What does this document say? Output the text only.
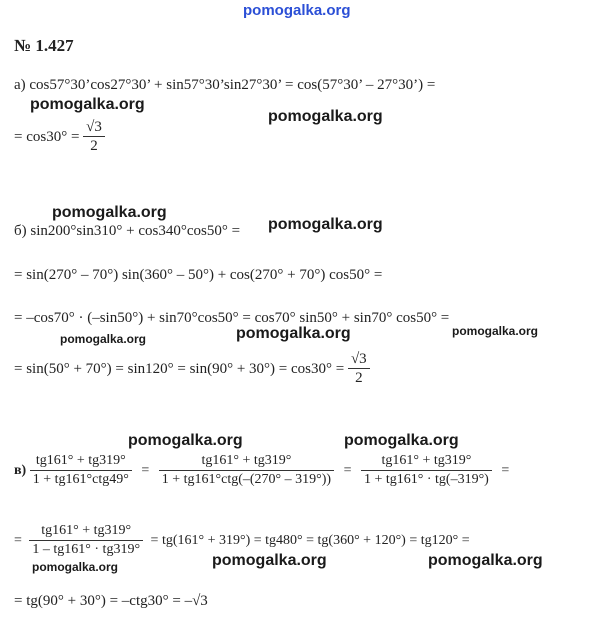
pomogalka.org
№ 1.427
а) cos57°30’cos27°30’ + sin57°30’sin27°30’ = cos(57°30’ – 27°30’) =
pomogalka.org
pomogalka.org
= $\cos 30^\circ = \frac{√3}{2}$
pomogalka.org
pomogalka.org
б) sin200°sin310° + cos340°cos50° =
= sin(270° – 70°) sin(360° – 50°) + cos(270° + 70°) cos50° =
= –cos70° · (–sin50°) + sin70°cos50° = cos70° sin50° + sin70° cos50° =
pomogalka.org	pomogalka.org
pomogalka.org
= $\sin(50^\circ + 70^\circ) = \sin 120^\circ = \sin(90^\circ + 30^\circ) = \cos 30^\circ = \frac{√3}{2}$
pomogalka.org	pomogalka.org
$в) \frac{tg161^\circ + tg319^\circ}{\text{1 + tg161°ctg49°}} = \frac{tg161^\circ + tg319^\circ}{\text{1 + tg161°ctg(–(270° – 319°))}} = \frac{tg161^\circ + tg319^\circ}{1 + tg161^\circ \cdot tg(-319^\circ)}$ =
= $\frac{tg161^\circ + tg319^\circ}{1 - tg161^\circ \cdot tg319^\circ} = tg(161^\circ + 319^\circ) = tg480^\circ = tg(360^\circ + 120^\circ) = tg120^\circ$ =
pomogalka.org	pomogalka.org	pomogalka.org
= tg(90° + 30°) = –ctg30° = –√3
